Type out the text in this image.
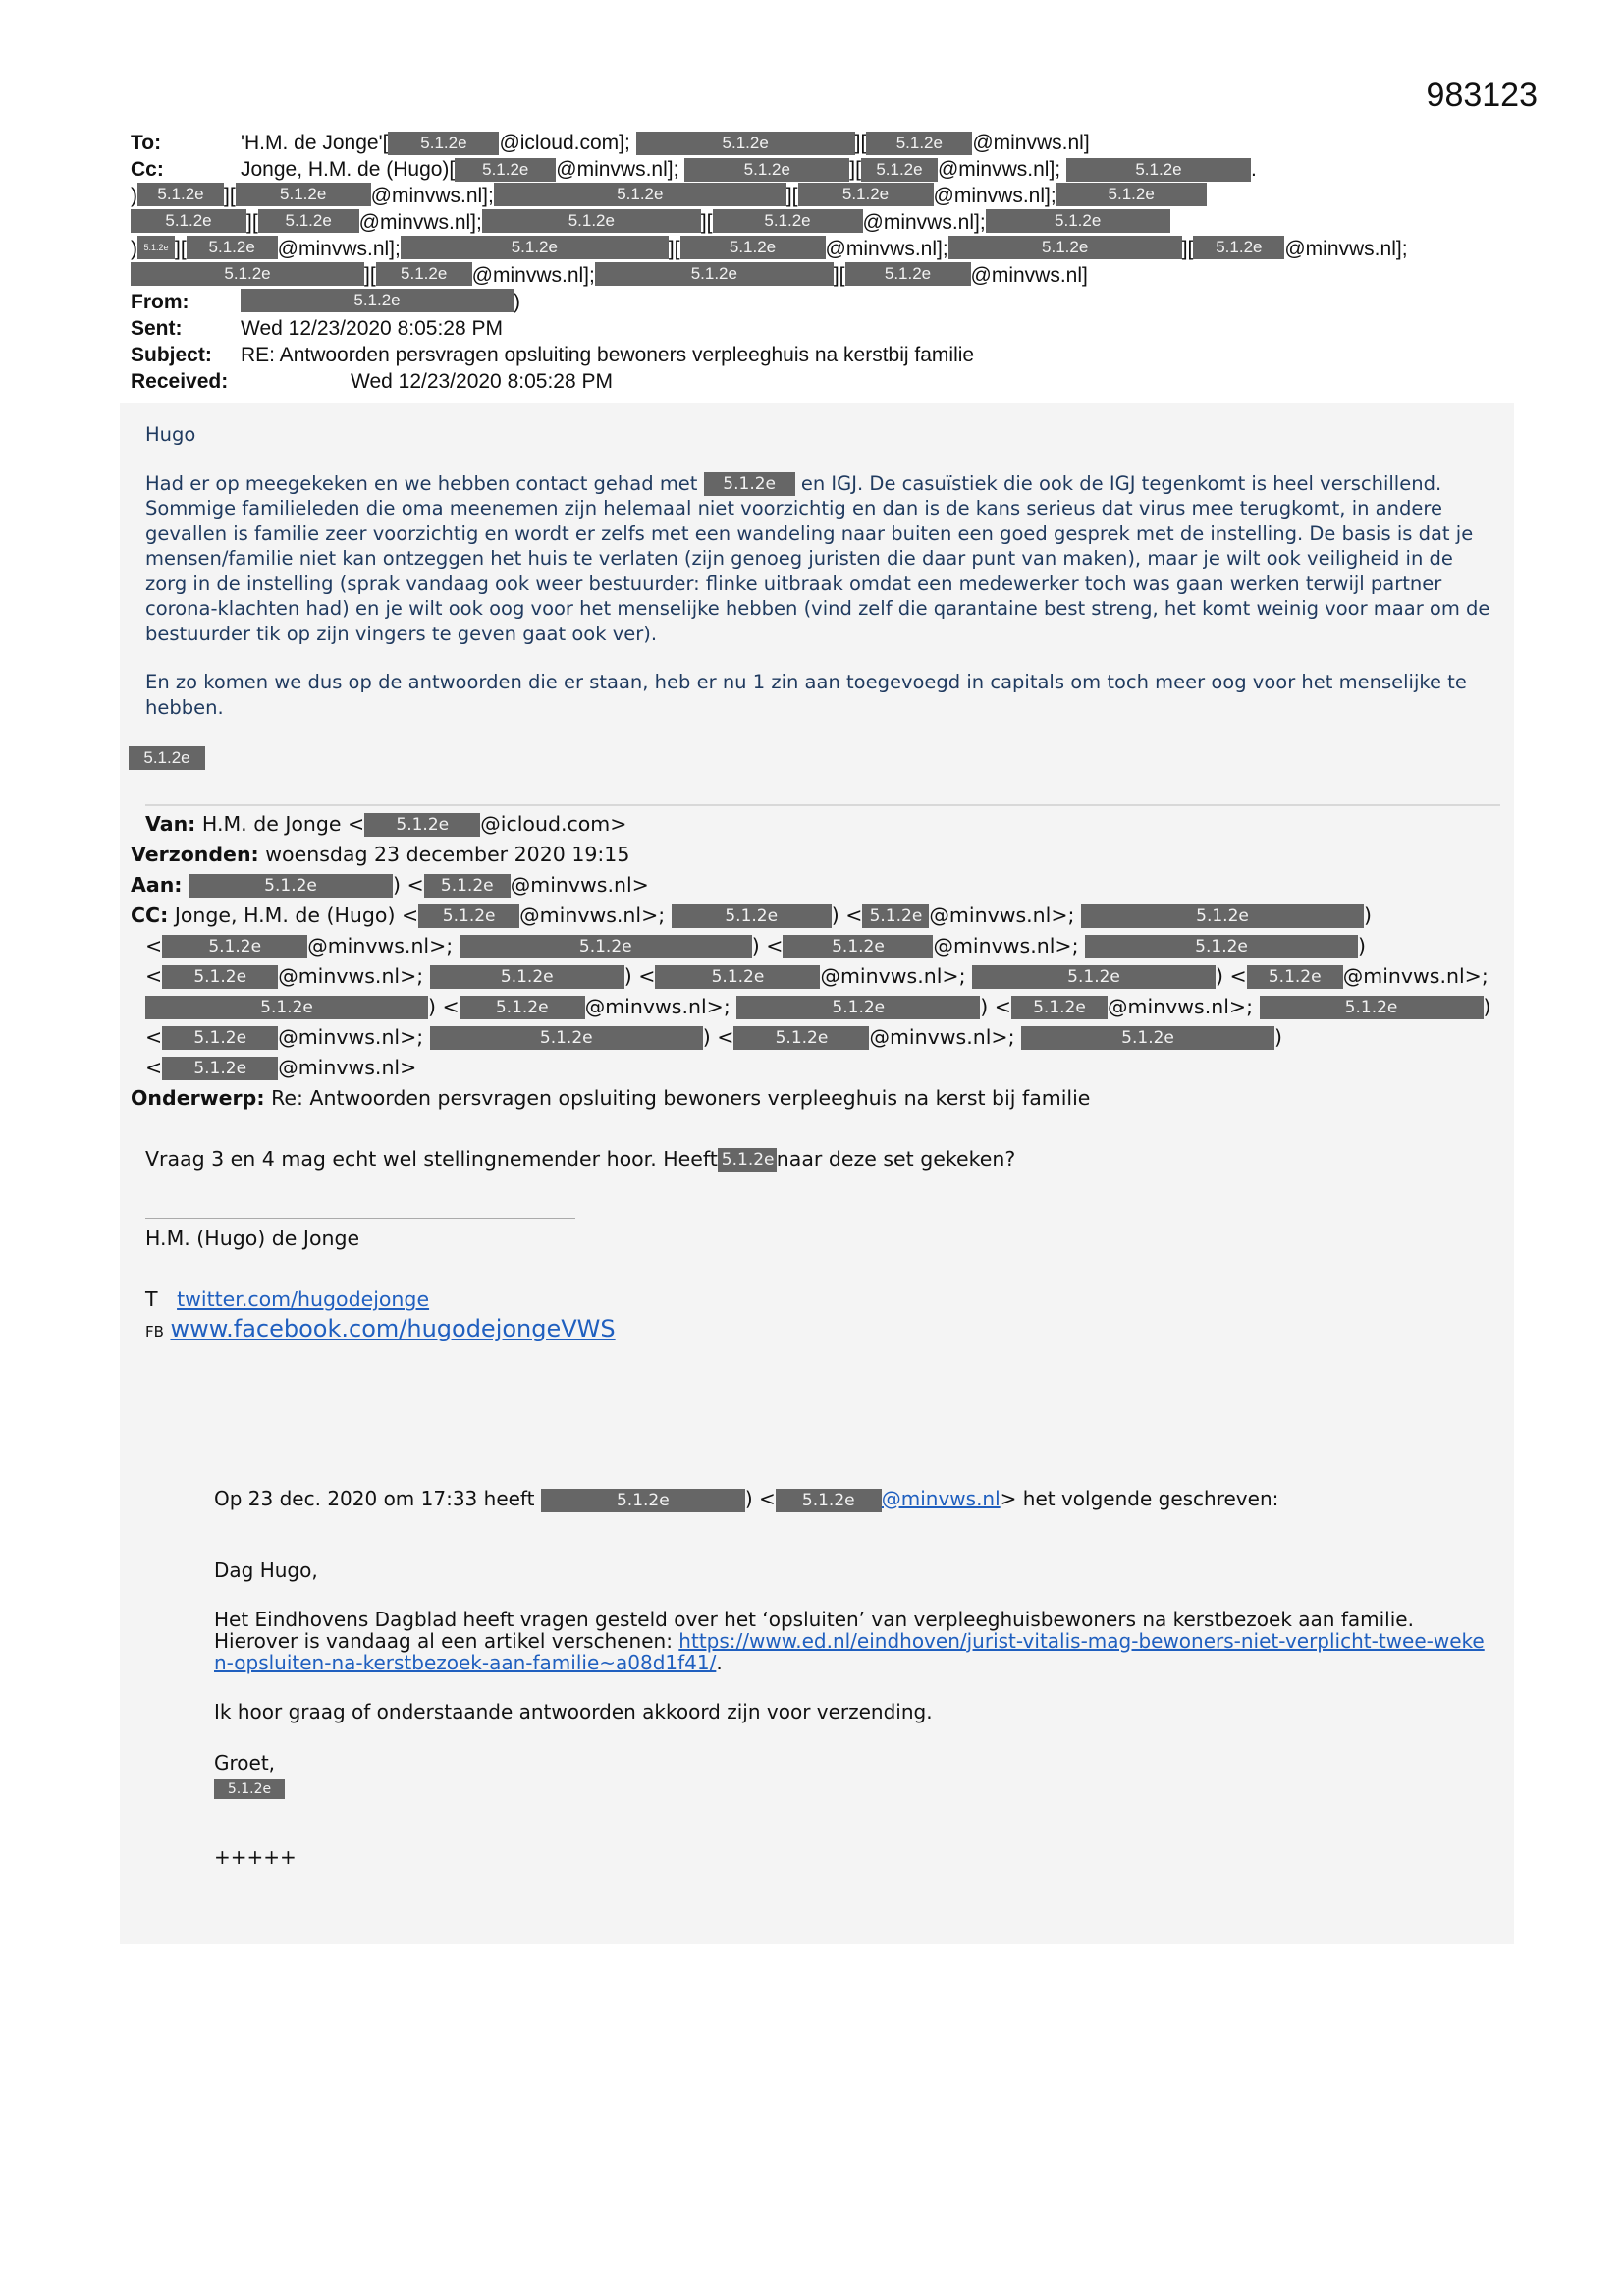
983123
To:	'H.M. de Jonge'[ 5.1.2e @icloud.com];	5.1.2e	][ 5.1.2e @minvws.nl]
Cc:	Jonge, H.M. de (Hugo)[ 5.1.2e @minvws.nl];	5.1.2e	][ 5.1.2e @minvws.nl];	5.1.2e	.
)	5.1.2e ][	5.1.2e	@minvws.nl];	5.1.2e	][	5.1.2e	@minvws.nl];	5.1.2e
5.1.2e	][	5.1.2e	@minvws.nl];	5.1.2e	][	5.1.2e	@minvws.nl];	5.1.2e
) 5.1.2e ][	5.1.2e	@minvws.nl];	5.1.2e	][	5.1.2e	@minvws.nl];	5.1.2e	][	5.1.2e	@minvws.nl];
5.1.2e	][	5.1.2e	@minvws.nl];	5.1.2e	][	5.1.2e	@minvws.nl]
From:	5.1.2e	)
Sent:	Wed 12/23/2020 8:05:28 PM
Subject:	RE: Antwoorden persvragen opsluiting bewoners verpleeghuis na kerstbij familie
Received:	Wed 12/23/2020 8:05:28 PM

Hugo

Had er op meegekeken en we hebben contact gehad met 5.1.2e en IGJ. De casuïstiek die ook de IGJ tegenkomt is heel verschillend. Sommige familieleden die oma meenemen zijn helemaal niet voorzichtig en dan is de kans serieus dat virus mee terugkomt, in andere gevallen is familie zeer voorzichtig en wordt er zelfs met een wandeling naar buiten een goed gesprek met de instelling. De basis is dat je mensen/familie niet kan ontzeggen het huis te verlaten (zijn genoeg juristen die daar punt van maken), maar je wilt ook veiligheid in de zorg in de instelling (sprak vandaag ook weer bestuurder: flinke uitbraak omdat een medewerker toch was gaan werken terwijl partner corona-klachten had) en je wilt ook oog voor het menselijke hebben (vind zelf die qarantaine best streng, het komt weinig voor maar om de bestuurder tik op zijn vingers te geven gaat ook ver).

En zo komen we dus op de antwoorden die er staan, heb er nu 1 zin aan toegevoegd in capitals om toch meer oog voor het menselijke te hebben.

5.1.2e
Van: H.M. de Jonge < 5.1.2e @icloud.com>
Verzonden: woensdag 23 december 2020 19:15
Aan:	5.1.2e	) < 5.1.2e @minvws.nl>
CC: Jonge, H.M. de (Hugo) < 5.1.2e @minvws.nl>;	5.1.2e	) < 5.1.2e @minvws.nl>;	5.1.2e	)
<	5.1.2e @minvws.nl>;	5.1.2e	) <	5.1.2e @minvws.nl>;	5.1.2e	)
< 5.1.2e @minvws.nl>;	5.1.2e	) <	5.1.2e	@minvws.nl>;	5.1.2e	) < 5.1.2e @minvws.nl>;
5.1.2e	) < 5.1.2e @minvws.nl>;	5.1.2e	) < 5.1.2e @minvws.nl>;	5.1.2e	)
< 5.1.2e @minvws.nl>;	5.1.2e	) < 5.1.2e @minvws.nl>;	5.1.2e	)
< 5.1.2e @minvws.nl>
Onderwerp: Re: Antwoorden persvragen opsluiting bewoners verpleeghuis na kerst bij familie

Vraag 3 en 4 mag echt wel stellingnemender hoor. Heeft 5.1.2e naar deze set gekeken?

H.M. (Hugo) de Jonge

T twitter.com/hugodejonge

FB www.facebook.com/hugodejongeVWS

Op 23 dec. 2020 om 17:33 heeft	5.1.2e	) < 5.1.2e @minvws.nl> het volgende geschreven:

Dag Hugo,

Het Eindhovens Dagblad heeft vragen gesteld over het ‘opsluiten’ van verpleeghuisbewoners na kerstbezoek aan familie. Hierover is vandaag al een artikel verschenen: https://www.ed.nl/eindhoven/jurist-vitalis-mag-bewoners-niet-verplicht-twee-weken-opsluiten-na-kerstbezoek-aan-familie~a08d1f41/.

Ik hoor graag of onderstaande antwoorden akkoord zijn voor verzending.

Groet,

5.1.2e

+++++
